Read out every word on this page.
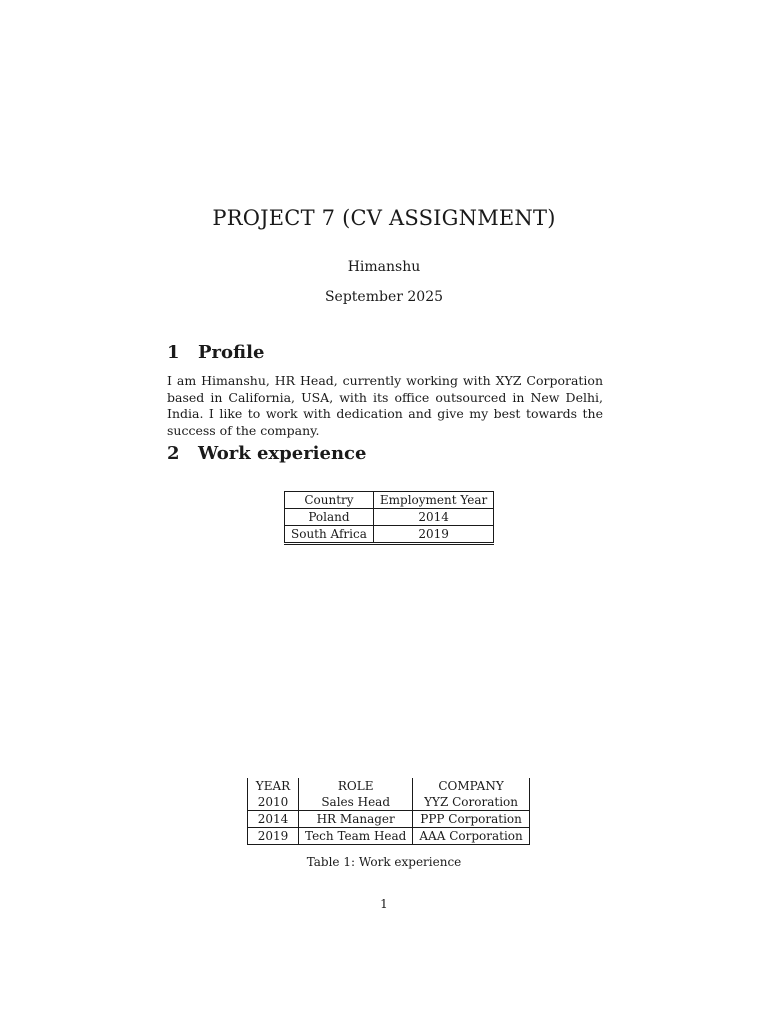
PROJECT 7 (CV ASSIGNMENT)
Himanshu
September 2025
1 Profile
I am Himanshu, HR Head, currently working with XYZ Corporation based in California, USA, with its office outsourced in New Delhi, India. I like to work with dedication and give my best towards the success of the company.
2 Work experience
Country	Employment Year
Poland	2014
South Africa	2019
YEAR	ROLE	COMPANY
2010	Sales Head	YYZ Cororation
2014	HR Manager	PPP Corporation
2019	Tech Team Head	AAA Corporation
Table 1: Work experience
1
